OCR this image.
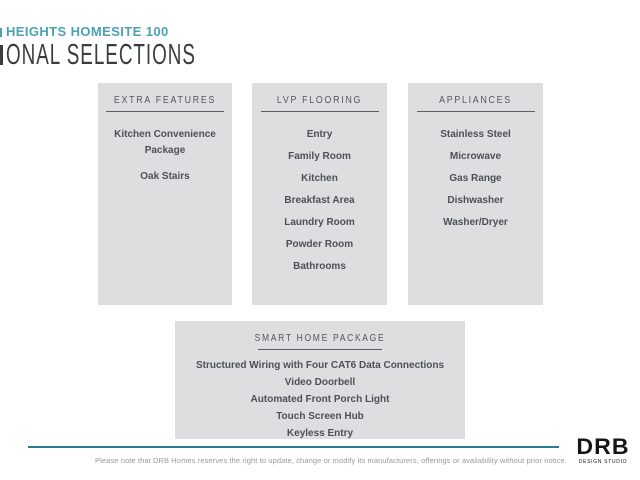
HEIGHTS HOMESITE 100
ONAL SELECTIONS
EXTRA FEATURES
Kitchen Convenience Package
Oak Stairs
LVP FLOORING
Entry
Family Room
Kitchen
Breakfast Area
Laundry Room
Powder Room
Bathrooms
APPLIANCES
Stainless Steel
Microwave
Gas Range
Dishwasher
Washer/Dryer
SMART HOME PACKAGE
Structured Wiring with Four CAT6 Data Connections
Video Doorbell
Automated Front Porch Light
Touch Screen Hub
Keyless Entry
Please note that DRB Homes reserves the right to update, change or modify its manufacturers, offerings or availability without prior notice.
DRB
DESIGN STUDIO
